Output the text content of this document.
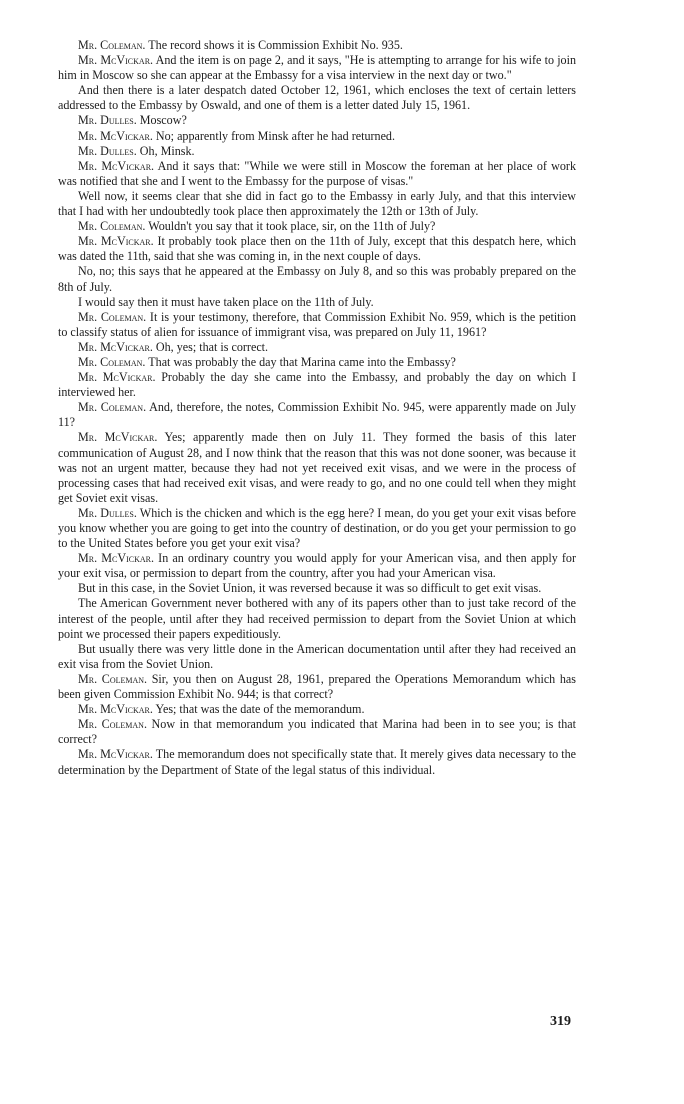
Mr. Coleman. The record shows it is Commission Exhibit No. 935.

Mr. McVickar. And the item is on page 2, and it says, "He is attempting to arrange for his wife to join him in Moscow so she can appear at the Embassy for a visa interview in the next day or two."

And then there is a later despatch dated October 12, 1961, which encloses the text of certain letters addressed to the Embassy by Oswald, and one of them is a letter dated July 15, 1961.

Mr. Dulles. Moscow?

Mr. McVickar. No; apparently from Minsk after he had returned.

Mr. Dulles. Oh, Minsk.

Mr. McVickar. And it says that: "While we were still in Moscow the foreman at her place of work was notified that she and I went to the Embassy for the purpose of visas."

Well now, it seems clear that she did in fact go to the Embassy in early July, and that this interview that I had with her undoubtedly took place then approximately the 12th or 13th of July.

Mr. Coleman. Wouldn't you say that it took place, sir, on the 11th of July?

Mr. McVickar. It probably took place then on the 11th of July, except that this despatch here, which was dated the 11th, said that she was coming in, in the next couple of days.

No, no; this says that he appeared at the Embassy on July 8, and so this was probably prepared on the 8th of July.

I would say then it must have taken place on the 11th of July.

Mr. Coleman. It is your testimony, therefore, that Commission Exhibit No. 959, which is the petition to classify status of alien for issuance of immigrant visa, was prepared on July 11, 1961?

Mr. McVickar. Oh, yes; that is correct.

Mr. Coleman. That was probably the day that Marina came into the Embassy?

Mr. McVickar. Probably the day she came into the Embassy, and probably the day on which I interviewed her.

Mr. Coleman. And, therefore, the notes, Commission Exhibit No. 945, were apparently made on July 11?

Mr. McVickar. Yes; apparently made then on July 11. They formed the basis of this later communication of August 28, and I now think that the reason that this was not done sooner, was because it was not an urgent matter, because they had not yet received exit visas, and we were in the process of processing cases that had received exit visas, and were ready to go, and no one could tell when they might get Soviet exit visas.

Mr. Dulles. Which is the chicken and which is the egg here? I mean, do you get your exit visas before you know whether you are going to get into the country of destination, or do you get your permission to go to the United States before you get your exit visa?

Mr. McVickar. In an ordinary country you would apply for your American visa, and then apply for your exit visa, or permission to depart from the country, after you had your American visa.

But in this case, in the Soviet Union, it was reversed because it was so difficult to get exit visas.

The American Government never bothered with any of its papers other than to just take record of the interest of the people, until after they had received permission to depart from the Soviet Union at which point we processed their papers expeditiously.

But usually there was very little done in the American documentation until after they had received an exit visa from the Soviet Union.

Mr. Coleman. Sir, you then on August 28, 1961, prepared the Operations Memorandum which has been given Commission Exhibit No. 944; is that correct?

Mr. McVickar. Yes; that was the date of the memorandum.

Mr. Coleman. Now in that memorandum you indicated that Marina had been in to see you; is that correct?

Mr. McVickar. The memorandum does not specifically state that. It merely gives data necessary to the determination by the Department of State of the legal status of this individual.

319
